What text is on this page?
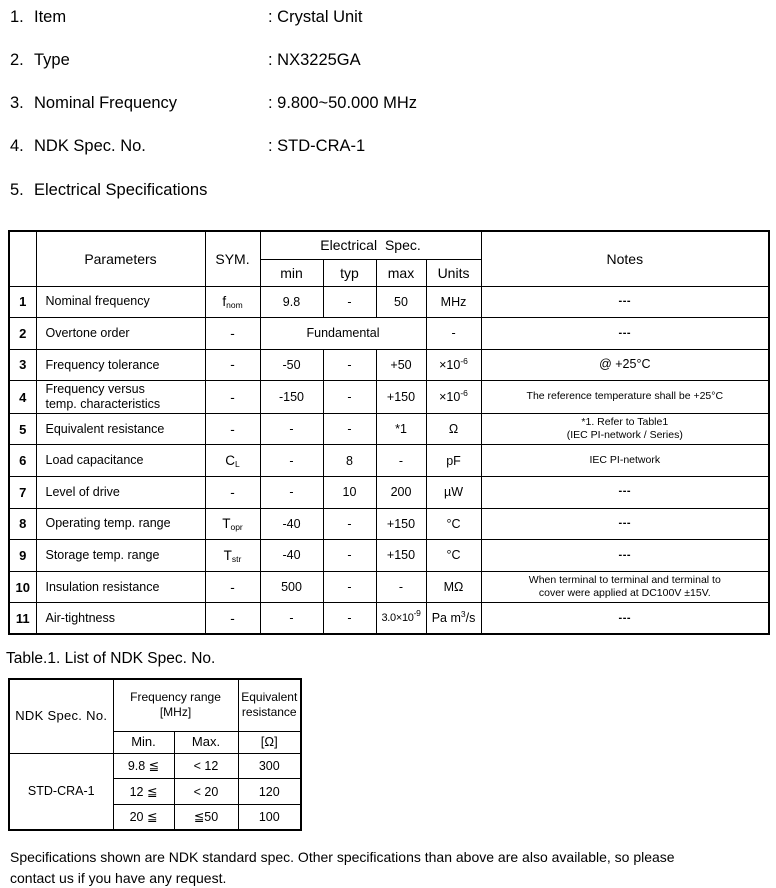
1. Item	: Crystal Unit
2. Type	: NX3225GA
3. Nominal Frequency	: 9.800~50.000 MHz
4. NDK Spec. No.	: STD-CRA-1
5. Electrical Specifications
	Parameters	SYM.	Electrical Spec.				Notes
			min	typ	max	Units	
1	Nominal frequency	$f_{nom}$	9.8	-	50	MHz	---
2	Overtone order	-	Fundamental			-	---
3	Frequency tolerance	-	-50	-	+50	$\times 10^{-6}$	@ +25°C
4	Frequency versus
temp. characteristics	-	-150	-	+150	$\times 10^{-6}$	The reference temperature shall be +25°C
5	Equivalent resistance	-	-	-	*1	Ω	*1. Refer to Table1
(IEC PI-network / Series)
6	Load capacitance	$C_L$	-	8	-	pF	IEC PI-network
7	Level of drive	-	-	10	200	µW	---
8	Operating temp. range	$T_{opr}$	-40	-	+150	°C	---
9	Storage temp. range	$T_{str}$	-40	-	+150	°C	---
10	Insulation resistance	-	500	-	-	MΩ	When terminal to terminal and terminal to
cover were applied at DC100V ±15V.
11	Air-tightness	-	-	-	$3.0\times 10^{-9}$	Pa $m^3/s$	---
Table.1. List of NDK Spec. No.
NDK Spec. No.	Frequency range
[MHz]		Equivalent
resistance
	Min.	Max.	[Ω]
STD-CRA-1	9.8 ≦	< 12	300
	12 ≦	< 20	120
	20 ≦	≦50	100
Specifications shown are NDK standard spec. Other specifications than above are also available, so please
contact us if you have any request.
